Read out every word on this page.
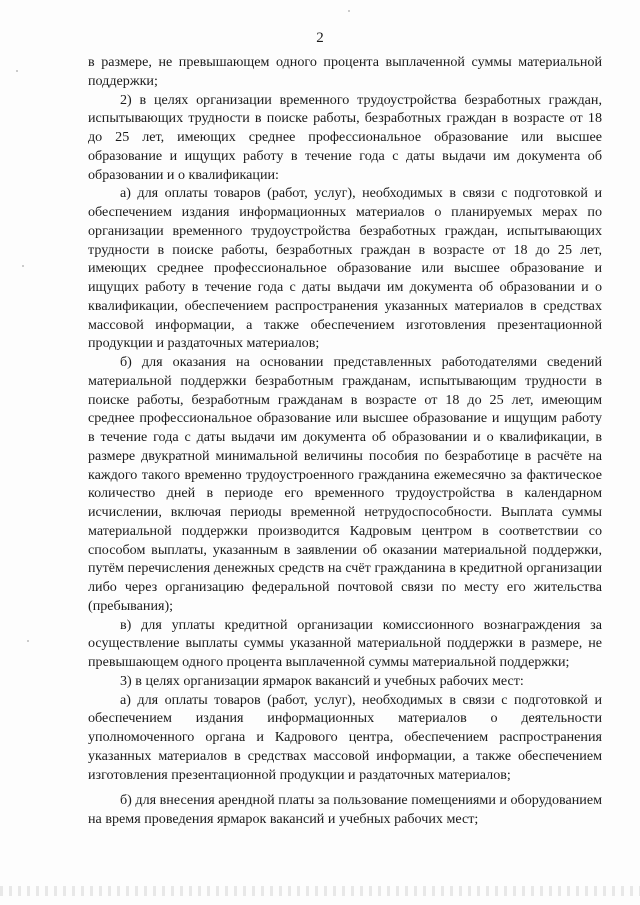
2

в размере, не превышающем одного процента выплаченной суммы материальной поддержки;

2) в целях организации временного трудоустройства безработных граждан, испытывающих трудности в поиске работы, безработных граждан в возрасте от 18 до 25 лет, имеющих среднее профессиональное образование или высшее образование и ищущих работу в течение года с даты выдачи им документа об образовании и о квалификации:

а) для оплаты товаров (работ, услуг), необходимых в связи с подготовкой и обеспечением издания информационных материалов о планируемых мерах по организации временного трудоустройства безработных граждан, испытывающих трудности в поиске работы, безработных граждан в возрасте от 18 до 25 лет, имеющих среднее профессиональное образование или высшее образование и ищущих работу в течение года с даты выдачи им документа об образовании и о квалификации, обеспечением распространения указанных материалов в средствах массовой информации, а также обеспечением изготовления презентационной продукции и раздаточных материалов;

б) для оказания на основании представленных работодателями сведений материальной поддержки безработным гражданам, испытывающим трудности в поиске работы, безработным гражданам в возрасте от 18 до 25 лет, имеющим среднее профессиональное образование или высшее образование и ищущим работу в течение года с даты выдачи им документа об образовании и о квалификации, в размере двукратной минимальной величины пособия по безработице в расчёте на каждого такого временно трудоустроенного гражданина ежемесячно за фактическое количество дней в периоде его временного трудоустройства в календарном исчислении, включая периоды временной нетрудоспособности. Выплата суммы материальной поддержки производится Кадровым центром в соответствии со способом выплаты, указанным в заявлении об оказании материальной поддержки, путём перечисления денежных средств на счёт гражданина в кредитной организации либо через организацию федеральной почтовой связи по месту его жительства (пребывания);

в) для уплаты кредитной организации комиссионного вознаграждения за осуществление выплаты суммы указанной материальной поддержки в размере, не превышающем одного процента выплаченной суммы материальной поддержки;

3) в целях организации ярмарок вакансий и учебных рабочих мест:

а) для оплаты товаров (работ, услуг), необходимых в связи с подготовкой и обеспечением издания информационных материалов о деятельности уполномоченного органа и Кадрового центра, обеспечением распространения указанных материалов в средствах массовой информации, а также обеспечением изготовления презентационной продукции и раздаточных материалов;

б) для внесения арендной платы за пользование помещениями и оборудованием на время проведения ярмарок вакансий и учебных рабочих мест;
